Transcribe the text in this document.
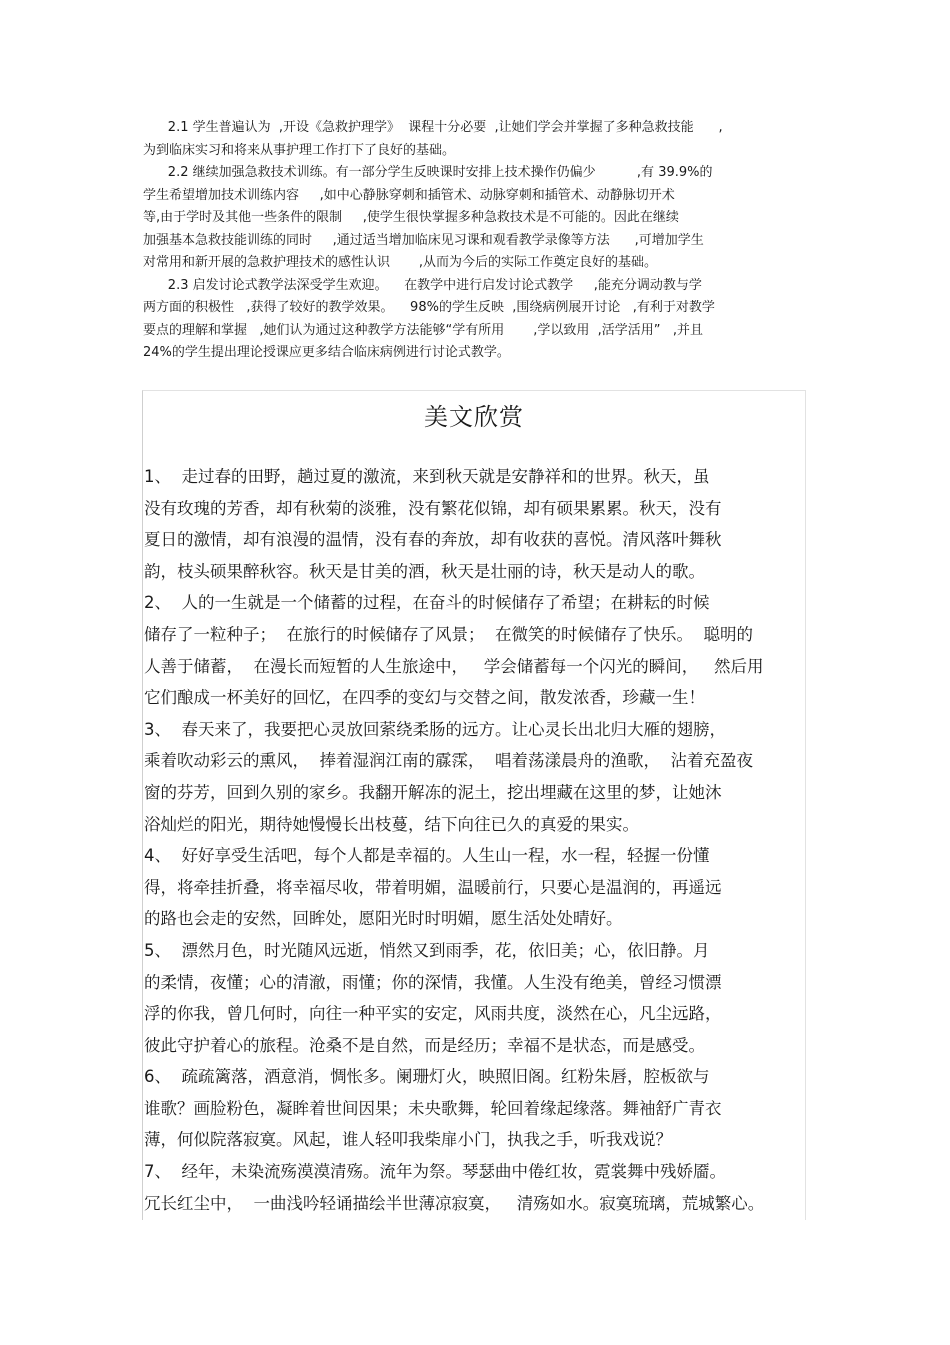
2.1 学生普遍认为  ,开设《急救护理学》  课程十分必要  ,让她们学会并掌握了多种急救技能      ,
为到临床实习和将来从事护理工作打下了良好的基础。
2.2 继续加强急救技术训练。有一部分学生反映课时安排上技术操作仍偏少          ,有 39.9%的
学生希望增加技术训练内容     ,如中心静脉穿刺和插管术、动脉穿刺和插管术、动静脉切开术
等,由于学时及其他一些条件的限制     ,使学生很快掌握多种急救技术是不可能的。因此在继续
加强基本急救技能训练的同时     ,通过适当增加临床见习课和观看教学录像等方法      ,可增加学生
对常用和新开展的急救护理技术的感性认识       ,从而为今后的实际工作奠定良好的基础。
2.3 启发讨论式教学法深受学生欢迎。    在教学中进行启发讨论式教学     ,能充分调动教与学
两方面的积极性   ,获得了较好的教学效果。    98%的学生反映  ,围绕病例展开讨论   ,有利于对教学
要点的理解和掌握   ,她们认为通过这种教学方法能够“学有所用       ,学以致用  ,活学活用”   ,并且
24%的学生提出理论授课应更多结合临床病例进行讨论式教学。
美文欣赏
1、  走过春的田野，趟过夏的激流，来到秋天就是安静祥和的世界。秋天，虽
没有玫瑰的芳香，却有秋菊的淡雅，没有繁花似锦，却有硕果累累。秋天，没有
夏日的激情，却有浪漫的温情，没有春的奔放，却有收获的喜悦。清风落叶舞秋
韵，枝头硕果醉秋容。秋天是甘美的酒，秋天是壮丽的诗，秋天是动人的歌。
2、  人的一生就是一个储蓄的过程，在奋斗的时候储存了希望；在耕耘的时候
储存了一粒种子；  在旅行的时候储存了风景；  在微笑的时候储存了快乐。  聪明的
人善于储蓄，  在漫长而短暂的人生旅途中，   学会储蓄每一个闪光的瞬间，   然后用
它们酿成一杯美好的回忆，在四季的变幻与交替之间，散发浓香，珍藏一生！
3、  春天来了，我要把心灵放回萦绕柔肠的远方。让心灵长出北归大雁的翅膀，
乘着吹动彩云的熏风，  捧着湿润江南的霡霂，  唱着荡漾晨舟的渔歌，  沾着充盈夜
窗的芬芳，回到久别的家乡。我翻开解冻的泥土，挖出埋藏在这里的梦，让她沐
浴灿烂的阳光，期待她慢慢长出枝蔓，结下向往已久的真爱的果实。
4、  好好享受生活吧，每个人都是幸福的。人生山一程，水一程，轻握一份懂
得，将牵挂折叠，将幸福尽收，带着明媚，温暖前行，只要心是温润的，再遥远
的路也会走的安然，回眸处，愿阳光时时明媚，愿生活处处晴好。
5、  漂然月色，时光随风远逝，悄然又到雨季，花，依旧美；心，依旧静。月
的柔情，夜懂；心的清澈，雨懂；你的深情，我懂。人生没有绝美，曾经习惯漂
浮的你我，曾几何时，向往一种平实的安定，风雨共度，淡然在心，凡尘远路，
彼此守护着心的旅程。沧桑不是自然，而是经历；幸福不是状态，而是感受。
6、  疏疏篱落，酒意消，惆怅多。阑珊灯火，映照旧阁。红粉朱唇，腔板欲与
谁歌？画脸粉色，凝眸着世间因果；未央歌舞，轮回着缘起缘落。舞袖舒广青衣
薄，何似院落寂寞。风起，谁人轻叩我柴扉小门，执我之手，听我戏说？
7、  经年，未染流殇漠漠清殇。流年为祭。琴瑟曲中倦红妆，霓裳舞中残娇靥。
冗长红尘中，  一曲浅吟轻诵描绘半世薄凉寂寞，   清殇如水。寂寞琉璃，荒城繁心。
